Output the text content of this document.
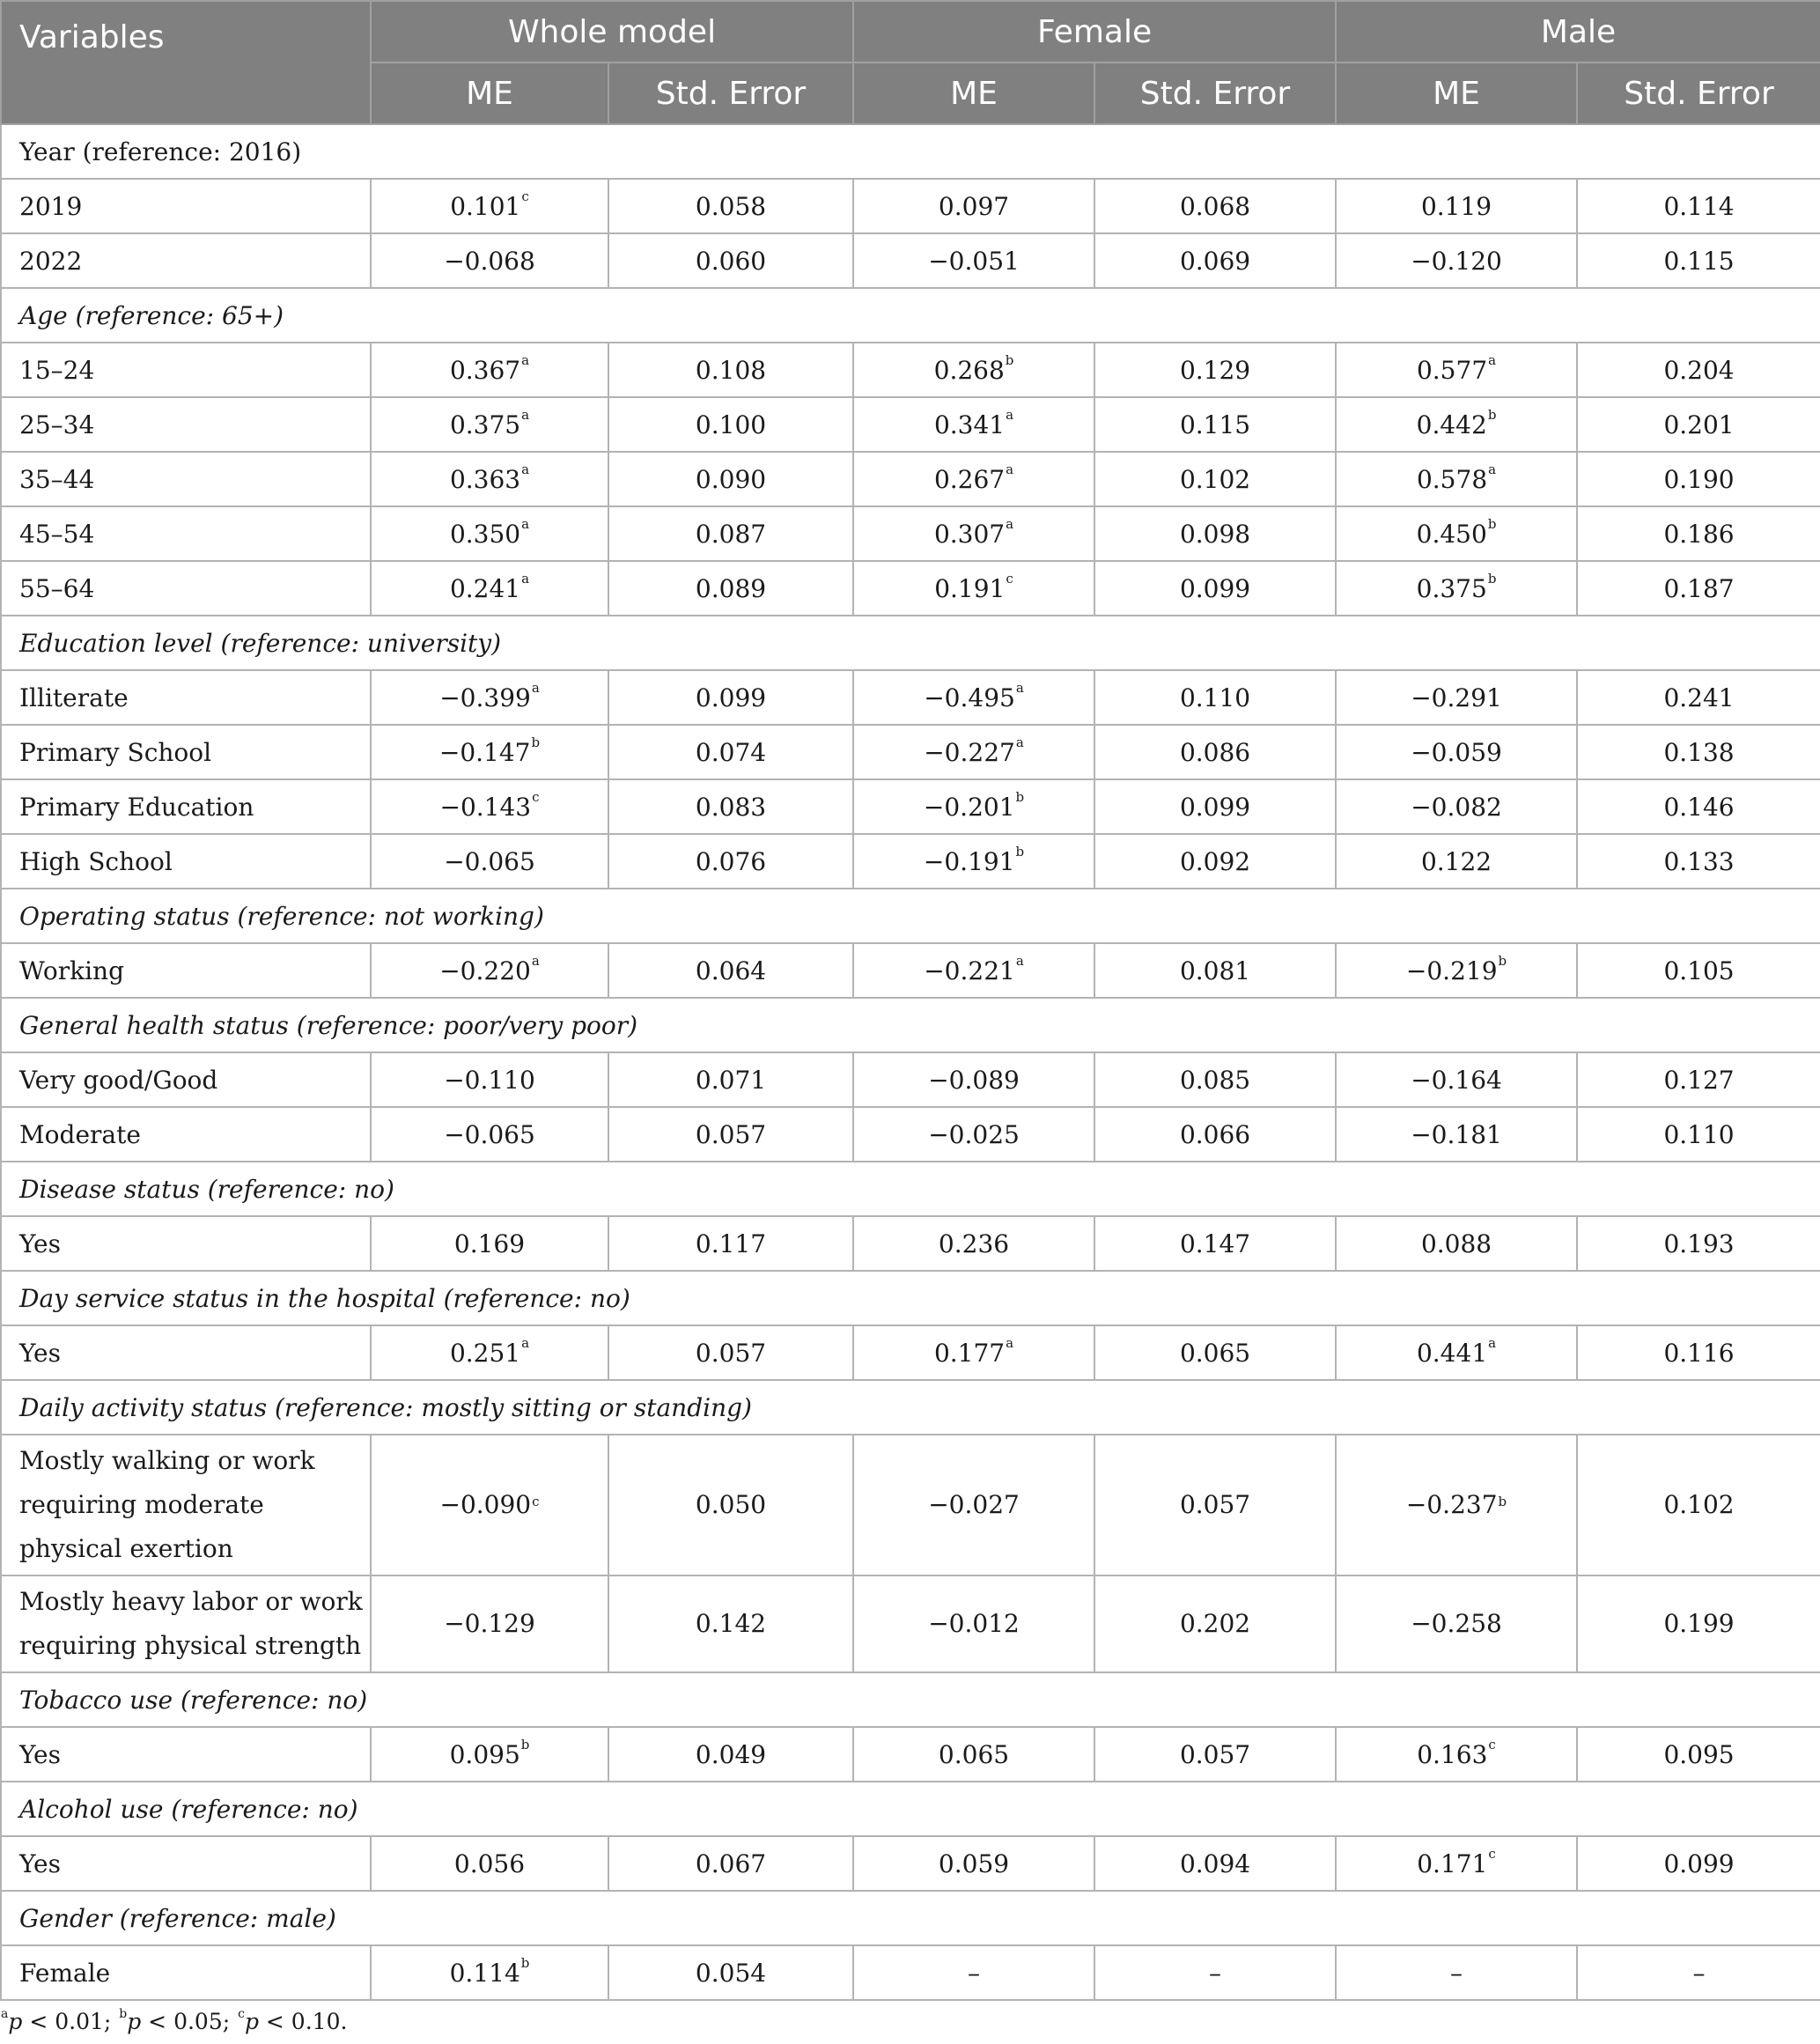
Variables	Whole model		Female		Male	
	ME	Std. Error	ME	Std. Error	ME	Std. Error
Year (reference: 2016)						
2019	0.101$^c$	0.058	0.097	0.068	0.119	0.114
2022	−0.068	0.060	−0.051	0.069	−0.120	0.115
Age (reference: 65+)						
15–24	0.367$^a$	0.108	0.268$^b$	0.129	0.577$^a$	0.204
25–34	0.375$^a$	0.100	0.341$^a$	0.115	0.442$^b$	0.201
35–44	0.363$^a$	0.090	0.267$^a$	0.102	0.578$^a$	0.190
45–54	0.350$^a$	0.087	0.307$^a$	0.098	0.450$^b$	0.186
55–64	0.241$^a$	0.089	0.191$^c$	0.099	0.375$^b$	0.187
Education level (reference: university)						
Illiterate	−0.399$^a$	0.099	−0.495$^a$	0.110	−0.291	0.241
Primary School	−0.147$^b$	0.074	−0.227$^a$	0.086	−0.059	0.138
Primary Education	−0.143$^c$	0.083	−0.201$^b$	0.099	−0.082	0.146
High School	−0.065	0.076	−0.191$^b$	0.092	0.122	0.133
Operating status (reference: not working)						
Working	−0.220$^a$	0.064	−0.221$^a$	0.081	−0.219$^b$	0.105
General health status (reference: poor/very poor)						
Very good/Good	−0.110	0.071	−0.089	0.085	−0.164	0.127
Moderate	−0.065	0.057	−0.025	0.066	−0.181	0.110
Disease status (reference: no)						
Yes	0.169	0.117	0.236	0.147	0.088	0.193
Day service status in the hospital (reference: no)						
Yes	0.251$^a$	0.057	0.177$^a$	0.065	0.441$^a$	0.116
Daily activity status (reference: mostly sitting or standing)						
Mostly walking or work requiring moderate physical exertion	−0.090$^c$	0.050	−0.027	0.057	−0.237$^b$	0.102
Mostly heavy labor or work requiring physical strength	−0.129	0.142	−0.012	0.202	−0.258	0.199
Tobacco use (reference: no)						
Yes	0.095$^b$	0.049	0.065	0.057	0.163$^c$	0.095
Alcohol use (reference: no)						
Yes	0.056	0.067	0.059	0.094	0.171$^c$	0.099
Gender (reference: male)						
Female	0.114$^b$	0.054	–	–	–	–
$^a$p < 0.01; $^b$p < 0.05; $^c$p < 0.10.
